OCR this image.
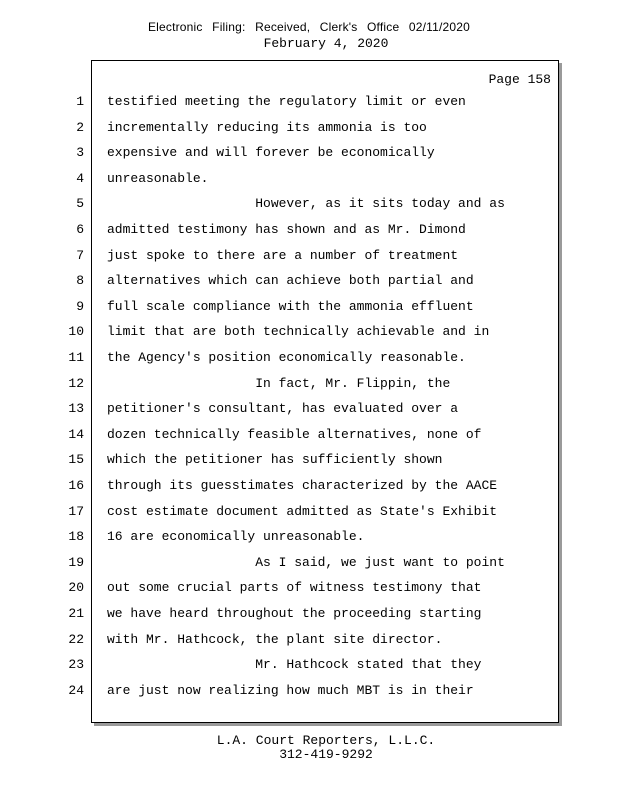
Electronic Filing: Received, Clerk's Office 02/11/2020
February 4, 2020
Page 158
1 testified meeting the regulatory limit or even
2 incrementally reducing its ammonia is too
3 expensive and will forever be economically
4 unreasonable.
5 However, as it sits today and as
6 admitted testimony has shown and as Mr. Dimond
7 just spoke to there are a number of treatment
8 alternatives which can achieve both partial and
9 full scale compliance with the ammonia effluent
10 limit that are both technically achievable and in
11 the Agency's position economically reasonable.
12 In fact, Mr. Flippin, the
13 petitioner's consultant, has evaluated over a
14 dozen technically feasible alternatives, none of
15 which the petitioner has sufficiently shown
16 through its guesstimates characterized by the AACE
17 cost estimate document admitted as State's Exhibit
18 16 are economically unreasonable.
19 As I said, we just want to point
20 out some crucial parts of witness testimony that
21 we have heard throughout the proceeding starting
22 with Mr. Hathcock, the plant site director.
23 Mr. Hathcock stated that they
24 are just now realizing how much MBT is in their
L.A. Court Reporters, L.L.C.
312-419-9292
